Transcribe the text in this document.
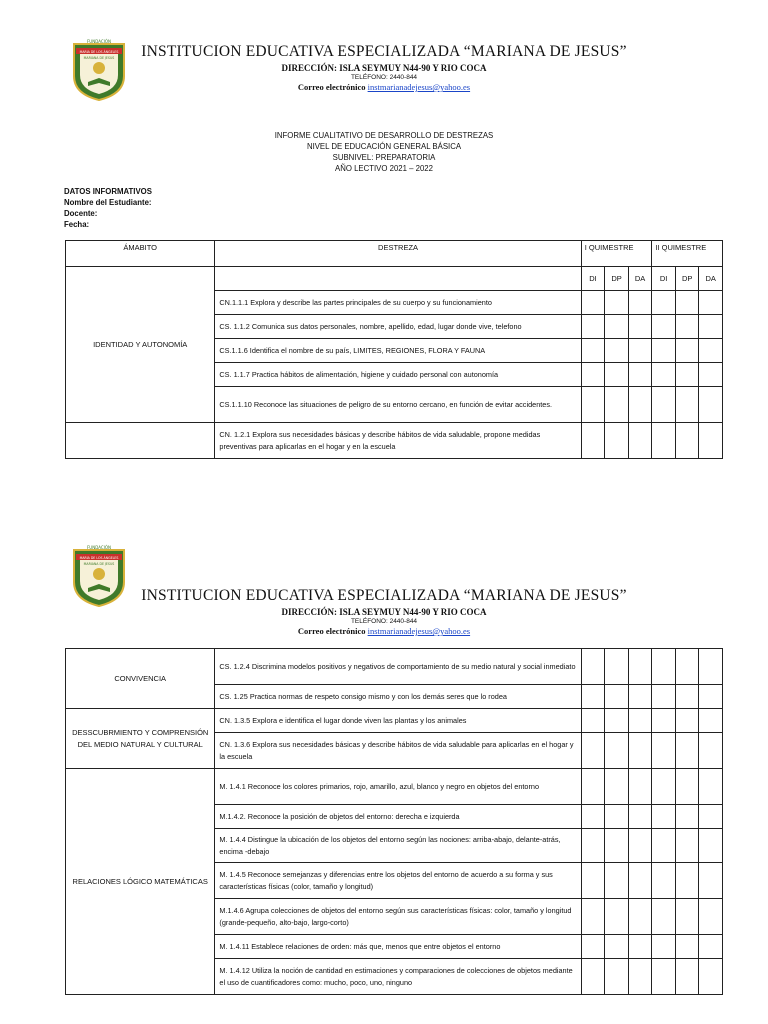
FUNDACIÓN
MARIA DE LOS ÁNGELES
MARIANA DE JESUS INSTITUCION EDUCATIVA ESPECIALIZADA “MARIANA DE JESUS”
DIRECCIÓN: ISLA SEYMUY N44-90 Y RIO COCA
TELÉFONO: 2440-844
Correo electrónico instmarianadejesus@yahoo.es
INFORME CUALITATIVO DE DESARROLLO DE DESTREZAS
NIVEL DE EDUCACIÓN GENERAL BÁSICA
SUBNIVEL: PREPARATORIA
AÑO LECTIVO 2021 – 2022
DATOS INFORMATIVOS
Nombre del Estudiante:
Docente:
Fecha:
ÁMABITO	DESTREZA	I QUIMESTRE			II QUIMESTRE		
IDENTIDAD Y AUTONOMÍA		DI	DP	DA	DI	DP	DA
	CN.1.1.1 Explora y describe las partes principales de su cuerpo y su funcionamiento						
	CS. 1.1.2 Comunica sus datos personales, nombre, apellido, edad, lugar donde vive, telefono						
	CS.1.1.6 Identifica el nombre de su país, LIMITES, REGIONES, FLORA Y FAUNA						
	CS. 1.1.7 Practica hábitos de alimentación, higiene y cuidado personal con autonomía						
	CS.1.1.10 Reconoce las situaciones de peligro de su entorno cercano, en función de evitar accidentes.						
	CN. 1.2.1 Explora sus necesidades básicas y describe hábitos de vida saludable, propone medidas preventivas para aplicarlas en el hogar y en la escuela						
FUNDACIÓN
MARIA DE LOS ÁNGELES
MARIANA DE JESUS
INSTITUCION EDUCATIVA ESPECIALIZADA “MARIANA DE JESUS”
DIRECCIÓN: ISLA SEYMUY N44-90 Y RIO COCA
TELÉFONO: 2440-844
Correo electrónico instmarianadejesus@yahoo.es
CONVIVENCIA	CS. 1.2.4 Discrimina modelos positivos y negativos de comportamiento de su medio natural y social inmediato						
	CS. 1.25 Practica normas de respeto consigo mismo y con los demás seres que lo rodea						
DESSCUBRMIENTO Y COMPRENSIÓN DEL MEDIO NATURAL Y CULTURAL	CN. 1.3.5 Explora e identifica el lugar donde viven las plantas y los animales						
	CN. 1.3.6 Explora sus necesidades básicas y describe hábitos de vida saludable para aplicarlas en el hogar y la escuela						
RELACIONES LÓGICO MATEMÁTICAS	M. 1.4.1 Reconoce los colores primarios, rojo, amarillo, azul, blanco y negro en objetos del entorno						
	M.1.4.2. Reconoce la posición de objetos del entorno: derecha e izquierda						
	M. 1.4.4 Distingue la ubicación de los objetos del entorno según las nociones: arriba-abajo, delante-atrás, encima -debajo						
	M. 1.4.5 Reconoce semejanzas y diferencias entre los objetos del entorno de acuerdo a su forma y sus características físicas (color, tamaño y longitud)						
	M.1.4.6 Agrupa colecciones de objetos del entorno según sus características físicas: color, tamaño y longitud (grande-pequeño, alto-bajo, largo-corto)						
	M. 1.4.11 Establece relaciones de orden: más que, menos que entre objetos el entorno						
	M. 1.4.12 Utiliza la noción de cantidad en estimaciones y comparaciones de colecciones de objetos mediante el uso de cuantificadores como: mucho, poco, uno, ninguno						
